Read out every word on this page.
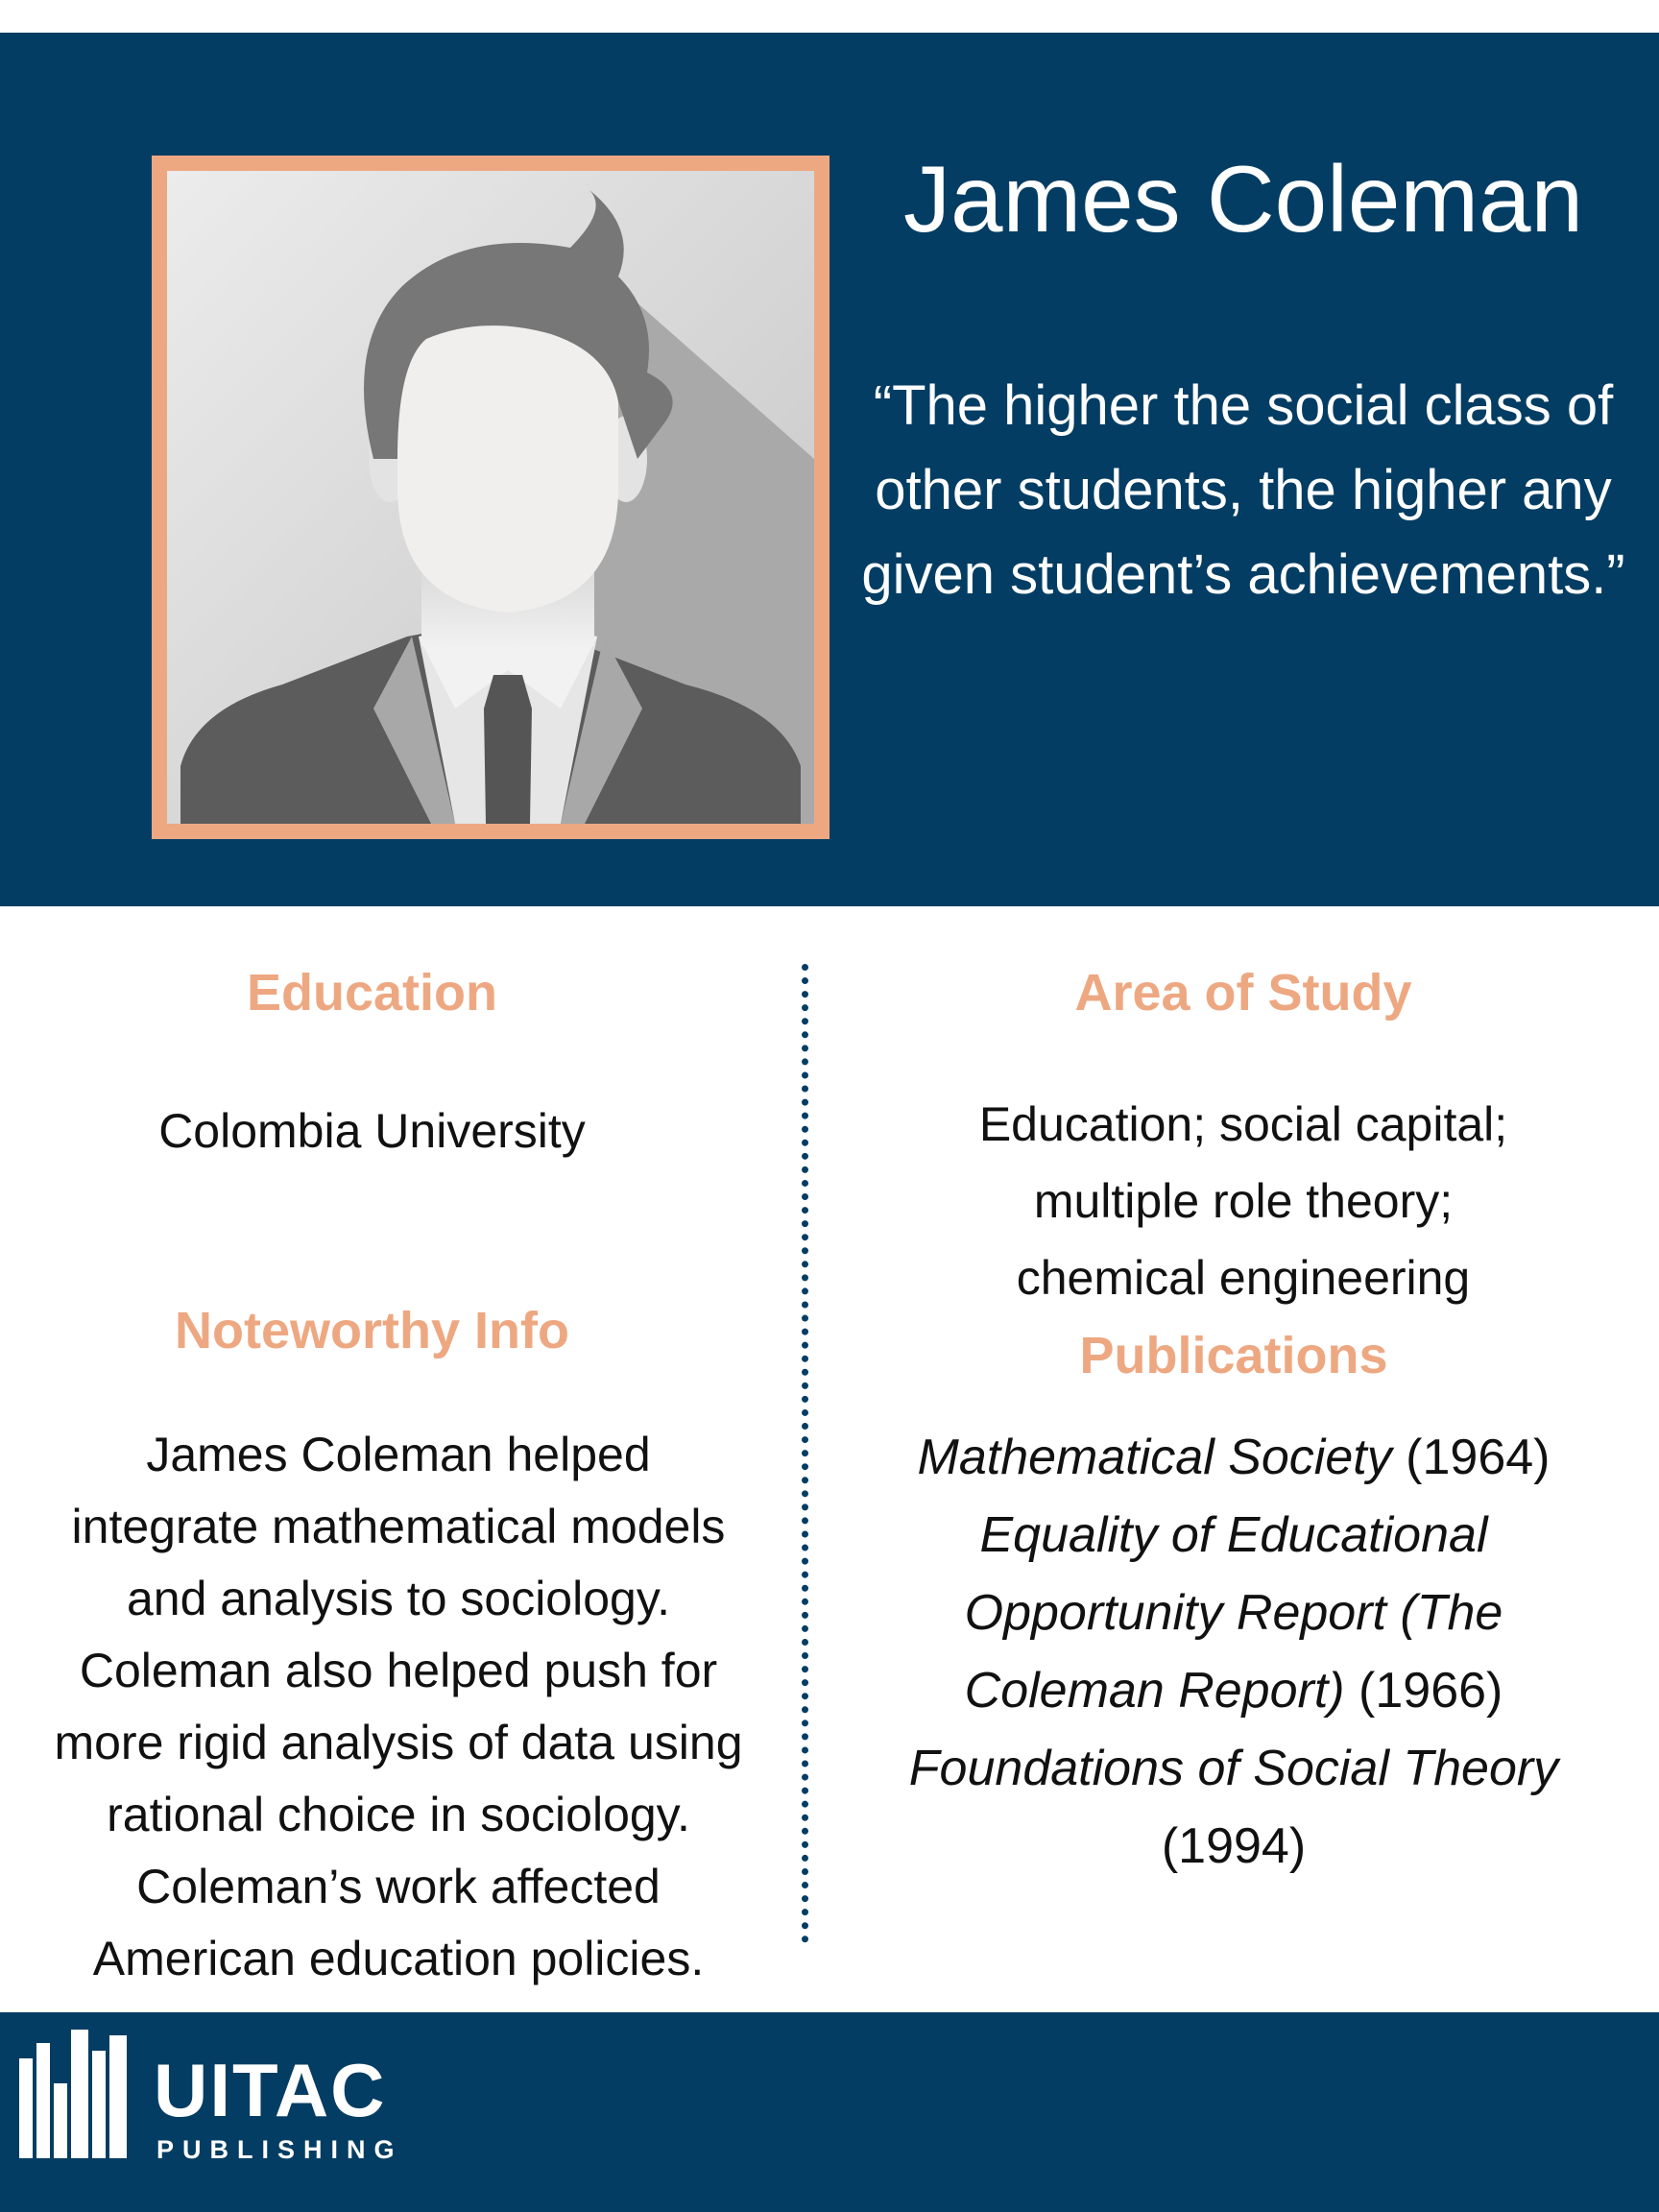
James Coleman
“The higher the social class of other students, the higher any given student’s achievements.”
Education
Colombia University
Noteworthy Info
James Coleman helped
integrate mathematical models
and analysis to sociology.
Coleman also helped push for
more rigid analysis of data using
rational choice in sociology.
Coleman’s work affected
American education policies.
Area of Study
Education; social capital;
multiple role theory;
chemical engineering
Publications
Mathematical Society (1964)
Equality of Educational Opportunity Report (The Coleman Report) (1966)
Foundations of Social Theory (1994)
UITAC
PUBLISHING
